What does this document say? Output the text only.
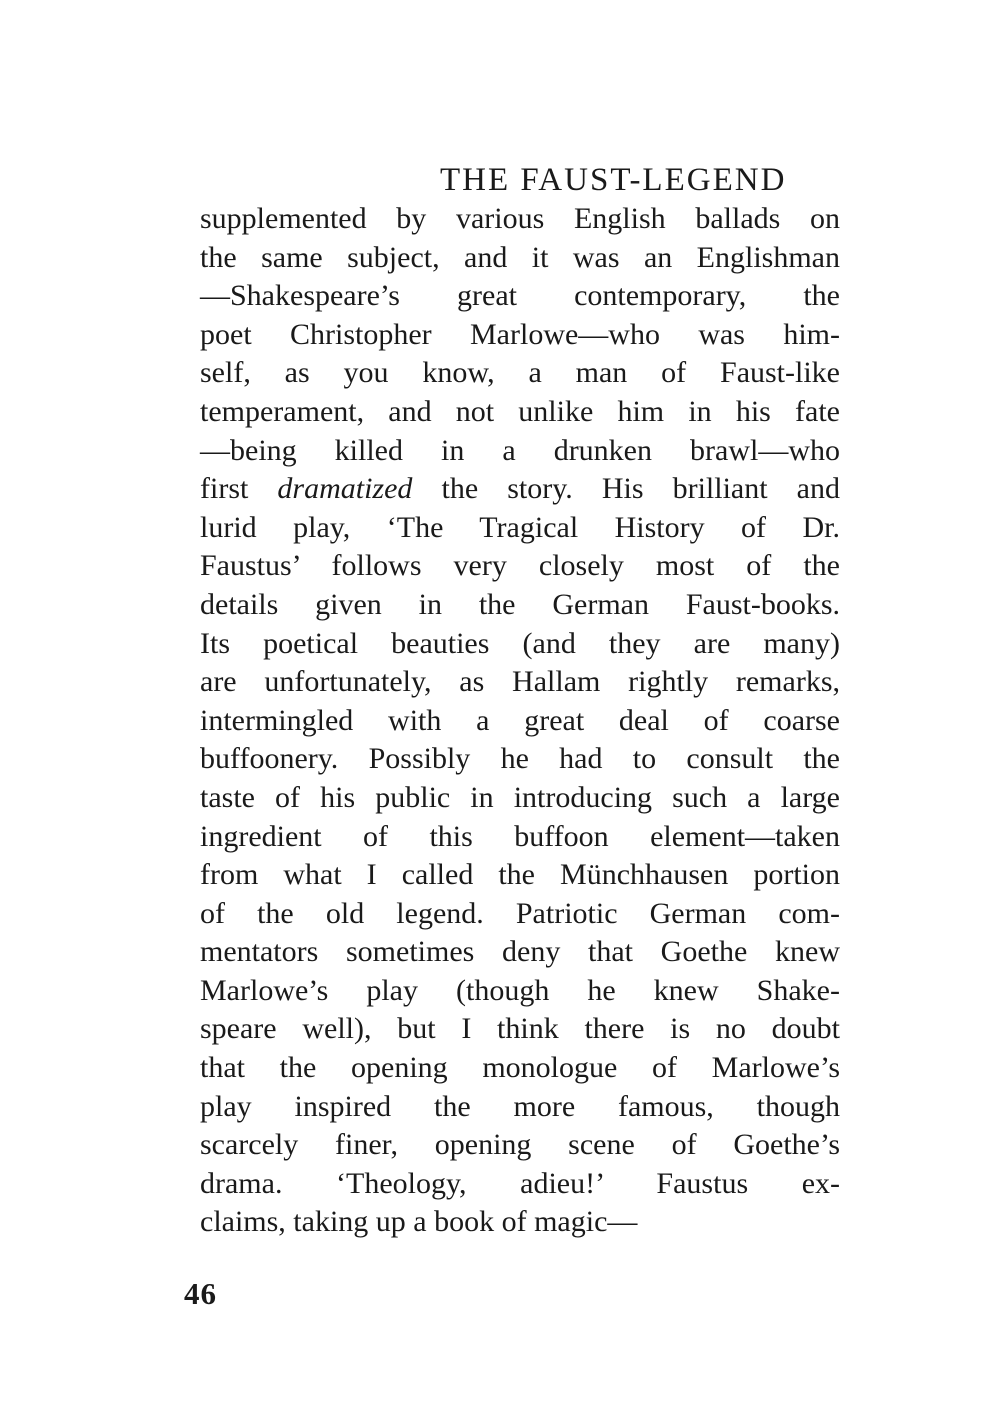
THE FAUST-LEGEND
supplemented by various English ballads on
the same subject, and it was an Englishman
—Shakespeare’s great contemporary, the
poet Christopher Marlowe—who was him-
self, as you know, a man of Faust-like
temperament, and not unlike him in his fate
—being killed in a drunken brawl—who
first dramatized the story. His brilliant and
lurid play, ‘The Tragical History of Dr.
Faustus’ follows very closely most of the
details given in the German Faust-books.
Its poetical beauties (and they are many)
are unfortunately, as Hallam rightly remarks,
intermingled with a great deal of coarse
buffoonery. Possibly he had to consult the
taste of his public in introducing such a large
ingredient of this buffoon element—taken
from what I called the Münchhausen portion
of the old legend. Patriotic German com-
mentators sometimes deny that Goethe knew
Marlowe’s play (though he knew Shake-
speare well), but I think there is no doubt
that the opening monologue of Marlowe’s
play inspired the more famous, though
scarcely finer, opening scene of Goethe’s
drama. ‘Theology, adieu!’ Faustus ex-
claims, taking up a book of magic—
46
